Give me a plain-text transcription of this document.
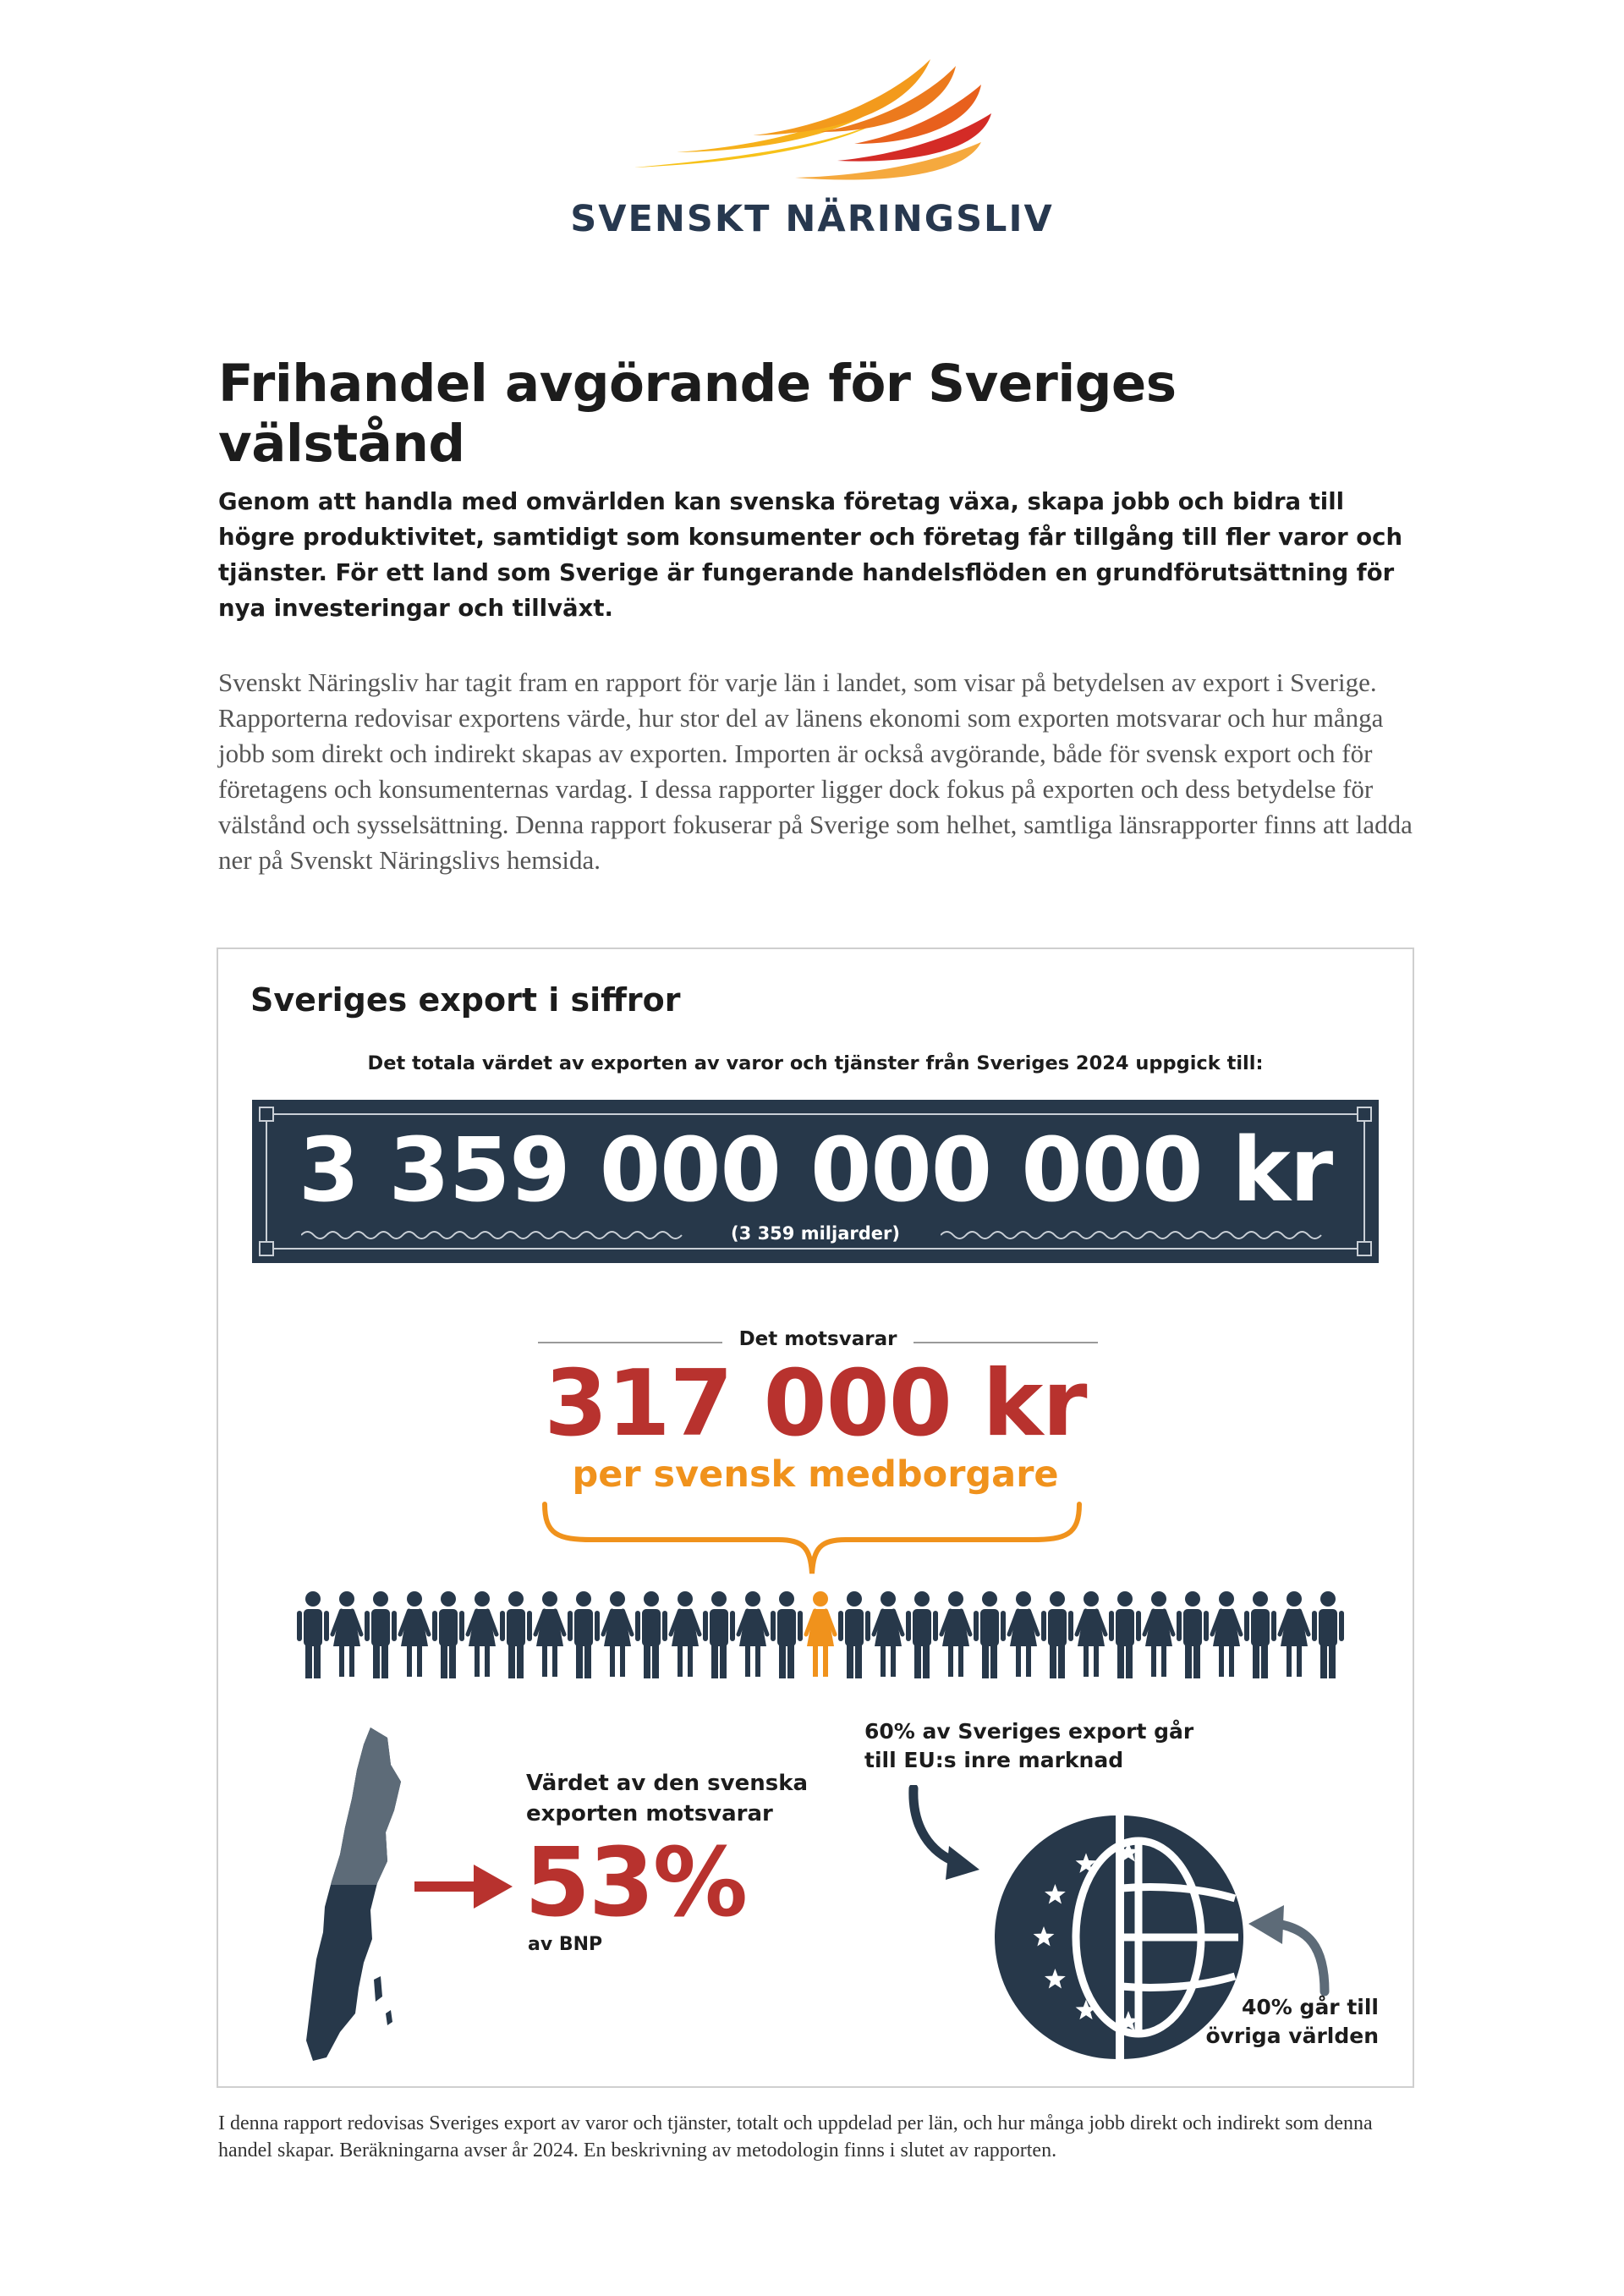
SVENSKT NÄRINGSLIV
Frihandel avgörande för Sveriges välstånd

Genom att handla med omvärlden kan svenska företag växa, skapa jobb och bidra till högre produktivitet, samtidigt som konsumenter och företag får tillgång till fler varor och tjänster. För ett land som Sverige är fungerande handelsflöden en grundförutsättning för nya investeringar och tillväxt.

Svenskt Näringsliv har tagit fram en rapport för varje län i landet, som visar på betydelsen av export i Sverige. Rapporterna redovisar exportens värde, hur stor del av länens ekonomi som exporten motsvarar och hur många jobb som direkt och indirekt skapas av exporten. Importen är också avgörande, både för svensk export och för företagens och konsumenternas vardag. I dessa rapporter ligger dock fokus på exporten och dess betydelse för välstånd och sysselsättning. Denna rapport fokuserar på Sverige som helhet, samtliga länsrapporter finns att ladda ner på Svenskt Näringslivs hemsida.

Sveriges export i siffror
Det totala värdet av exporten av varor och tjänster från Sveriges 2024 uppgick till:
3 359 000 000 000 kr
(3 359 miljarder)
Det motsvarar
317 000 kr
per svensk medborgare
Värdet av den svenska exporten motsvarar
53%
av BNP
60% av Sveriges export går till EU:s inre marknad
40% går till övriga världen

I denna rapport redovisas Sveriges export av varor och tjänster, totalt och uppdelad per län, och hur många jobb direkt och indirekt som denna handel skapar. Beräkningarna avser år 2024. En beskrivning av metodologin finns i slutet av rapporten.
